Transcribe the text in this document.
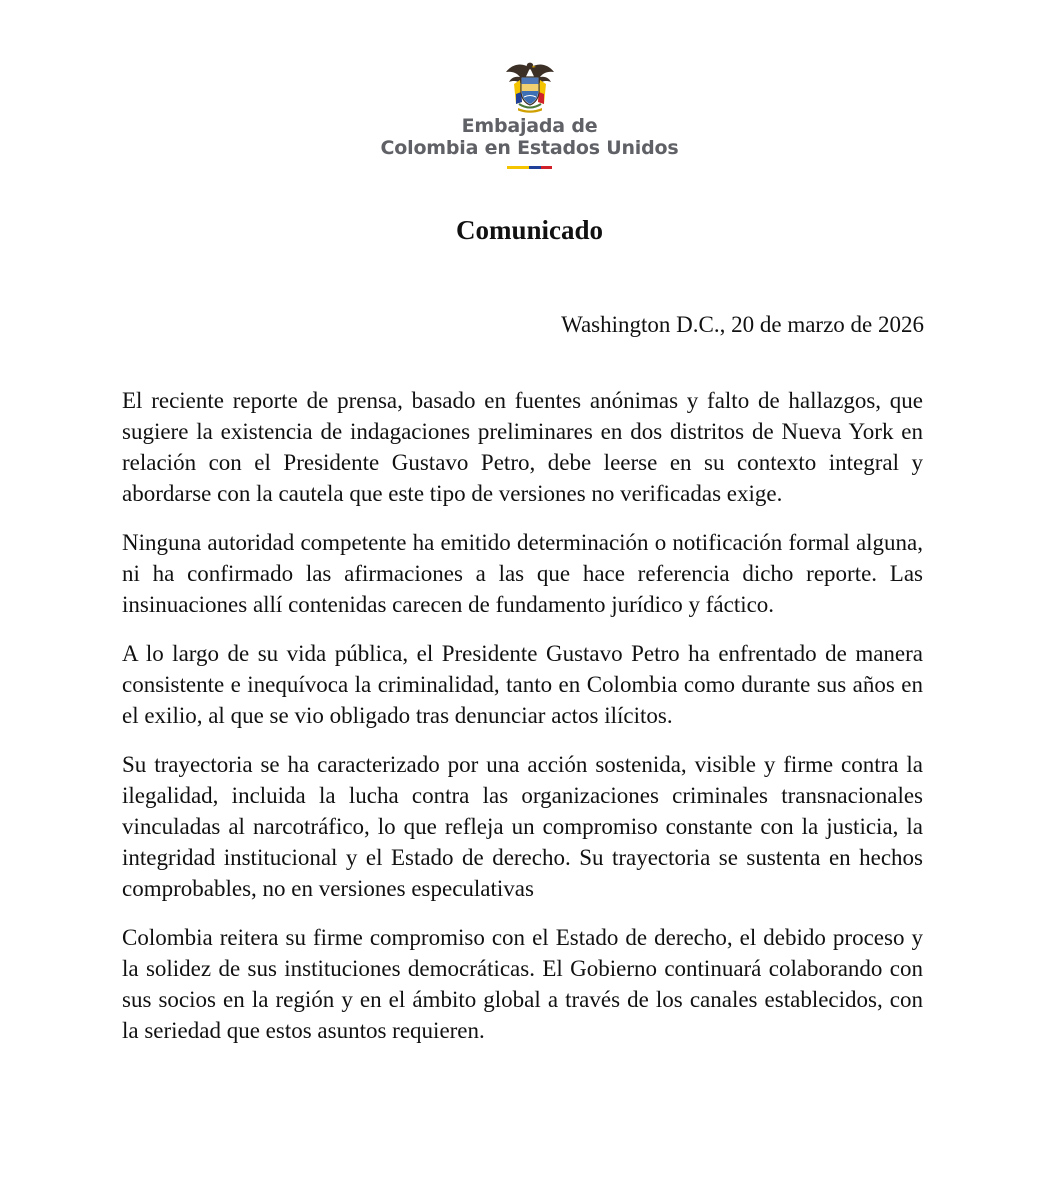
Embajada de
Colombia en Estados Unidos
Comunicado
Washington D.C., 20 de marzo de 2026

El reciente reporte de prensa, basado en fuentes anónimas y falto de hallazgos, que sugiere la existencia de indagaciones preliminares en dos distritos de Nueva York en relación con el Presidente Gustavo Petro, debe leerse en su contexto integral y abordarse con la cautela que este tipo de versiones no verificadas exige.

Ninguna autoridad competente ha emitido determinación o notificación formal alguna, ni ha confirmado las afirmaciones a las que hace referencia dicho reporte. Las insinuaciones allí contenidas carecen de fundamento jurídico y fáctico.

A lo largo de su vida pública, el Presidente Gustavo Petro ha enfrentado de manera consistente e inequívoca la criminalidad, tanto en Colombia como durante sus años en el exilio, al que se vio obligado tras denunciar actos ilícitos.

Su trayectoria se ha caracterizado por una acción sostenida, visible y firme contra la ilegalidad, incluida la lucha contra las organizaciones criminales transnacionales vinculadas al narcotráfico, lo que refleja un compromiso constante con la justicia, la integridad institucional y el Estado de derecho. Su trayectoria se sustenta en hechos comprobables, no en versiones especulativas

Colombia reitera su firme compromiso con el Estado de derecho, el debido proceso y la solidez de sus instituciones democráticas. El Gobierno continuará colaborando con sus socios en la región y en el ámbito global a través de los canales establecidos, con la seriedad que estos asuntos requieren.
